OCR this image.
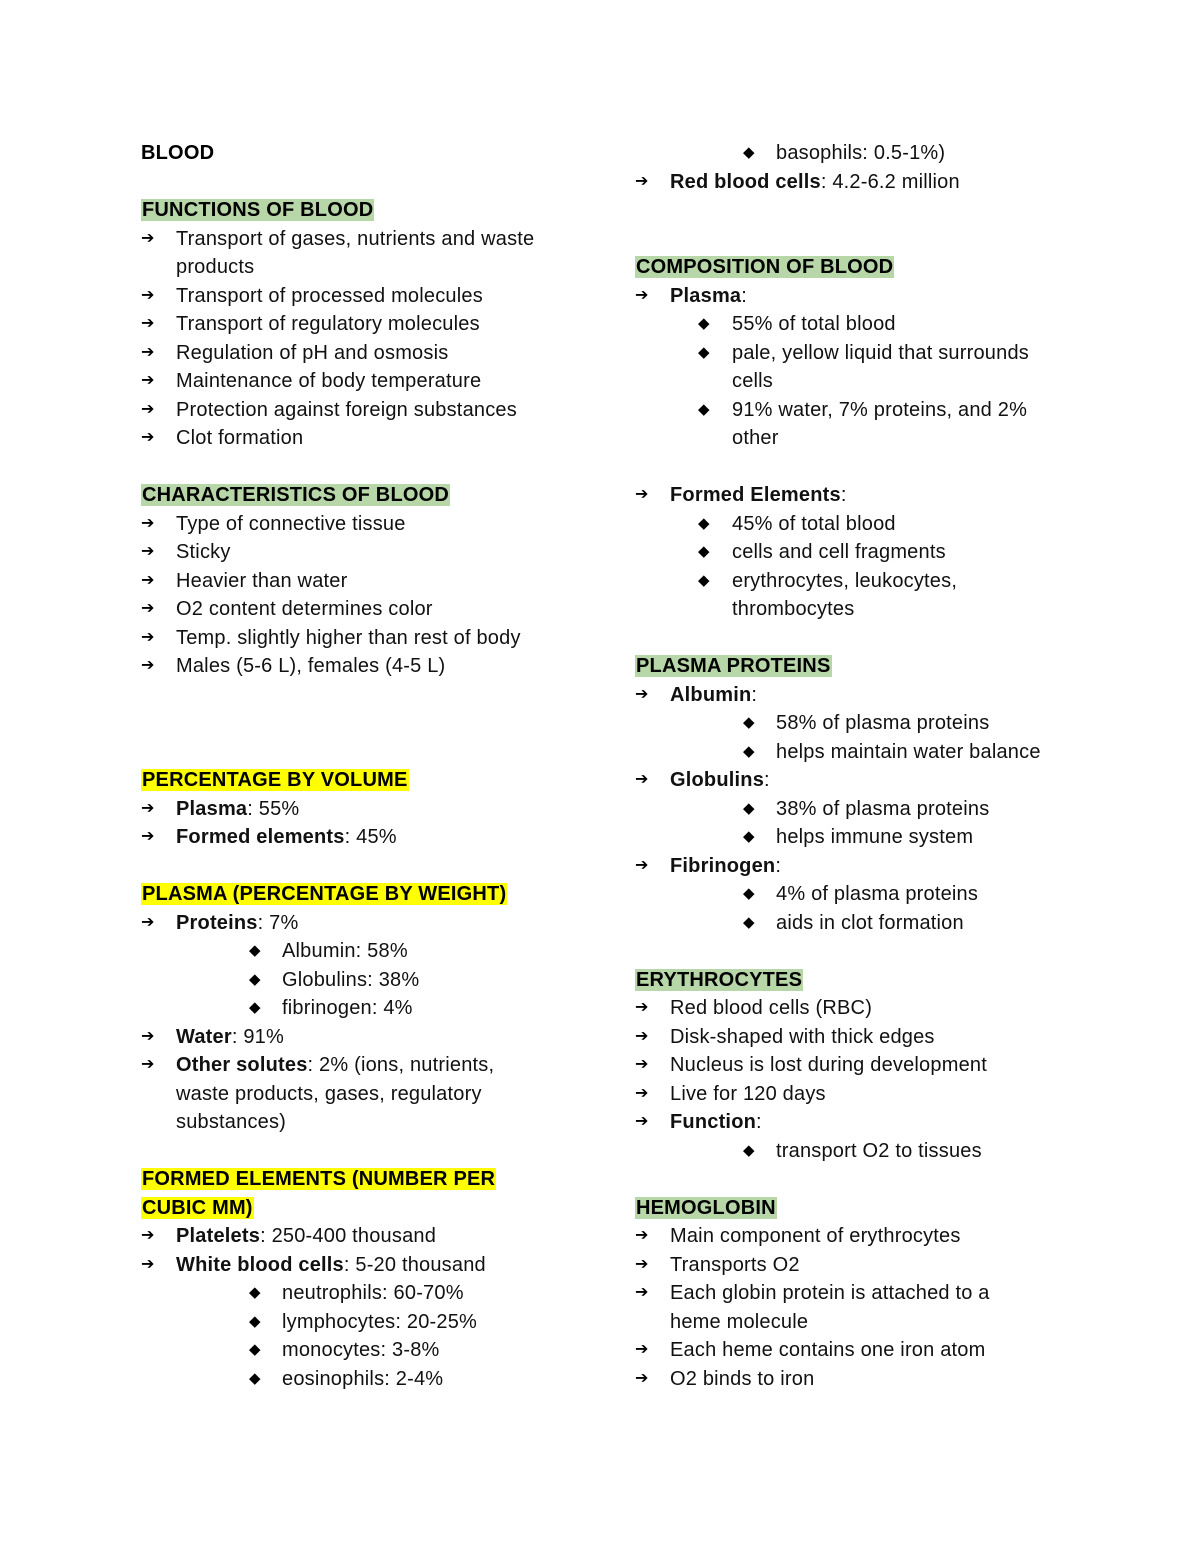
BLOOD
FUNCTIONS OF BLOOD
➔ Transport of gases, nutrients and waste
products
➔ Transport of processed molecules
➔ Transport of regulatory molecules
➔ Regulation of pH and osmosis
➔ Maintenance of body temperature
➔ Protection against foreign substances
➔ Clot formation
CHARACTERISTICS OF BLOOD
➔ Type of connective tissue
➔ Sticky
➔ Heavier than water
➔ O2 content determines color
➔ Temp. slightly higher than rest of body
➔ Males (5-6 L), females (4-5 L)
PERCENTAGE BY VOLUME
➔ Plasma: 55%
➔ Formed elements: 45%
PLASMA (PERCENTAGE BY WEIGHT)
➔ Proteins: 7%
◆ Albumin: 58%
◆ Globulins: 38%
◆ fibrinogen: 4%
➔ Water: 91%
➔ Other solutes: 2% (ions, nutrients,
waste products, gases, regulatory
substances)
FORMED ELEMENTS (NUMBER PER
CUBIC MM)
➔ Platelets: 250-400 thousand
➔ White blood cells: 5-20 thousand
◆ neutrophils: 60-70%
◆ lymphocytes: 20-25%
◆ monocytes: 3-8%
◆ eosinophils: 2-4%
◆ basophils: 0.5-1%)
➔ Red blood cells: 4.2-6.2 million
COMPOSITION OF BLOOD
➔ Plasma:
◆ 55% of total blood
◆ pale, yellow liquid that surrounds
cells
◆ 91% water, 7% proteins, and 2%
other
➔ Formed Elements:
◆ 45% of total blood
◆ cells and cell fragments
◆ erythrocytes, leukocytes,
thrombocytes
PLASMA PROTEINS
➔ Albumin:
◆ 58% of plasma proteins
◆ helps maintain water balance
➔ Globulins:
◆ 38% of plasma proteins
◆ helps immune system
➔ Fibrinogen:
◆ 4% of plasma proteins
◆ aids in clot formation
ERYTHROCYTES
➔ Red blood cells (RBC)
➔ Disk-shaped with thick edges
➔ Nucleus is lost during development
➔ Live for 120 days
➔ Function:
◆ transport O2 to tissues
HEMOGLOBIN
➔ Main component of erythrocytes
➔ Transports O2
➔ Each globin protein is attached to a
heme molecule
➔ Each heme contains one iron atom
➔ O2 binds to iron
